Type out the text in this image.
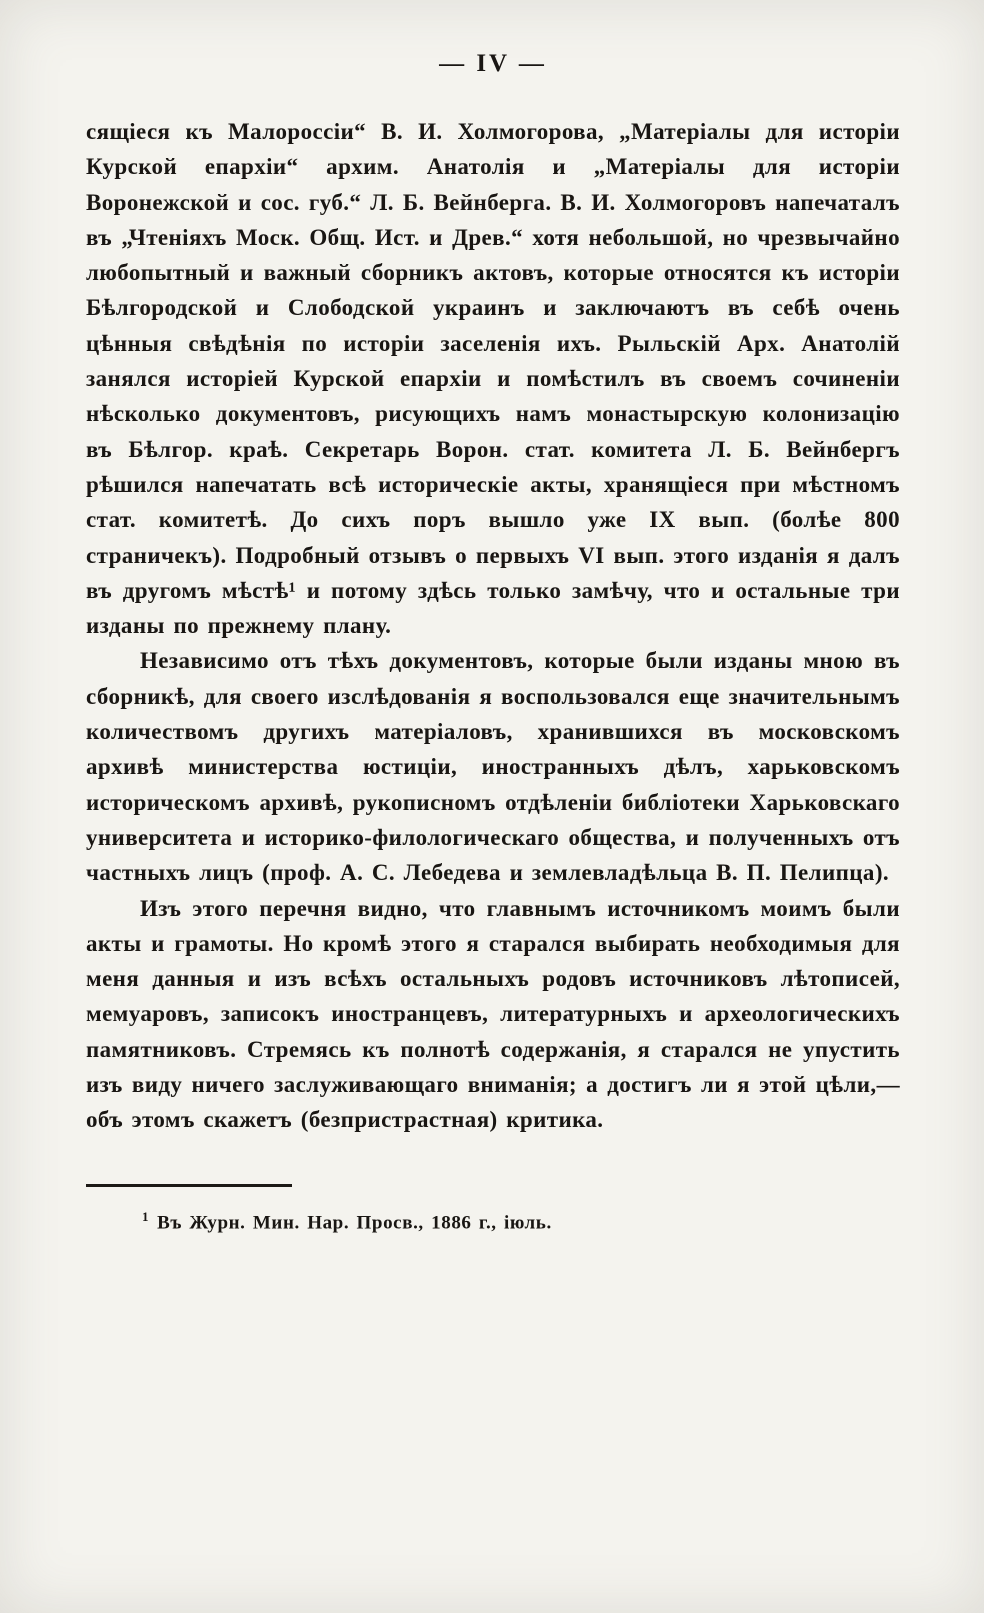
— IV —

сящіеся къ Малороссіи“ В. И. Холмогорова, „Матеріалы для исторіи Курской епархіи“ архим. Анатолія и „Матеріалы для исторіи Воронежской и сос. губ.“ Л. Б. Вейнберга. В. И. Холмогоровъ напечаталъ въ „Чтеніяхъ Моск. Общ. Ист. и Древ.“ хотя небольшой, но чрезвычайно любопытный и важный сборникъ актовъ, которые относятся къ исторіи Бѣлгородской и Слободской украинъ и заключаютъ въ себѣ очень цѣнныя свѣдѣнія по исторіи заселенія ихъ. Рыльскій Арх. Анатолій занялся исторіей Курской епархіи и помѣстилъ въ своемъ сочиненіи нѣсколько документовъ, рисующихъ намъ монастырскую колонизацію въ Бѣлгор. краѣ. Секретарь Ворон. стат. комитета Л. Б. Вейнбергъ рѣшился напечатать всѣ историческіе акты, хранящіеся при мѣстномъ стат. комитетѣ. До сихъ поръ вышло уже IX вып. (болѣе 800 страничекъ). Подробный отзывъ о первыхъ VI вып. этого изданія я далъ въ другомъ мѣстѣ¹ и потому здѣсь только замѣчу, что и остальные три изданы по прежнему плану.

Независимо отъ тѣхъ документовъ, которые были изданы мною въ сборникѣ, для своего изслѣдованія я воспользовался еще значительнымъ количествомъ другихъ матеріаловъ, хранившихся въ московскомъ архивѣ министерства юстиціи, иностранныхъ дѣлъ, харьковскомъ историческомъ архивѣ, рукописномъ отдѣленіи библіотеки Харьковскаго университета и историко-филологическаго общества, и полученныхъ отъ частныхъ лицъ (проф. А. С. Лебедева и землевладѣльца В. П. Пелипца).

Изъ этого перечня видно, что главнымъ источникомъ моимъ были акты и грамоты. Но кромѣ этого я старался выбирать необходимыя для меня данныя и изъ всѣхъ остальныхъ родовъ источниковъ лѣтописей, мемуаровъ, записокъ иностранцевъ, литературныхъ и археологическихъ памятниковъ. Стремясь къ полнотѣ содержанія, я старался не упустить изъ виду ничего заслуживающаго вниманія; а достигъ ли я этой цѣли,—объ этомъ скажетъ (безпристрастная) критика.

$^1$ Въ Журн. Мин. Нар. Просв., 1886 г., іюль.
